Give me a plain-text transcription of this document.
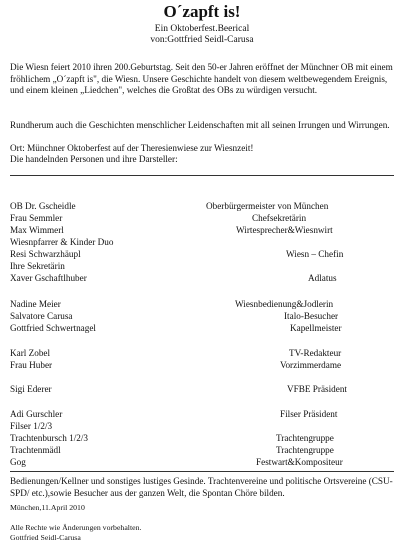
O´zapft is!
Ein Oktoberfest.Beerical
von:Gottfried Seidl-Carusa
Die Wiesn feiert 2010 ihren 200.Geburtstag. Seit den 50-er Jahren eröffnet der Münchner OB mit einem fröhlichem „O´zapft is", die Wiesn. Unsere Geschichte handelt von diesem weltbewegendem Ereignis, und einem kleinen „Liedchen", welches die Großtat des OBs zu würdigen versucht.
Rundherum auch die Geschichten menschlicher Leidenschaften mit all seinen Irrungen und Wirrungen.
Ort: Münchner Oktoberfest auf der Theresienwiese zur Wiesnzeit!
Die handelnden Personen und ihre Darsteller:
OB Dr. Gscheidle	Oberbürgermeister von München
Frau Semmler	Chefsekretärin
Max Wimmerl	Wirtesprecher&Wiesnwirt
Wiesnpfarrer & Kinder Duo
Resi Schwarzhäupl	Wiesn – Chefin
Ihre Sekretärin
Xaver Gschaftlhuber	Adlatus
Nadine Meier	Wiesnbedienung&Jodlerin
Salvatore Carusa	Italo-Besucher
Gottfried Schwertnagel	Kapellmeister
Karl Zobel	TV-Redakteur
Frau Huber	Vorzimmerdame
Sigi Ederer	VFBE Präsident
Adi Gurschler	Filser Präsident
Filser 1/2/3
Trachtenbursch 1/2/3	Trachtengruppe
Trachtenmädl	Trachtengruppe
Gog	Festwart&Kompositeur
Bedienungen/Kellner und sonstiges lustiges Gesinde. Trachtenvereine und politische Ortsvereine (CSU-SPD/ etc.),sowie Besucher aus der ganzen Welt, die Spontan Chöre bilden.
München,11.April 2010
Alle Rechte wie Änderungen vorbehalten.
Gottfried Seidl-Carusa
